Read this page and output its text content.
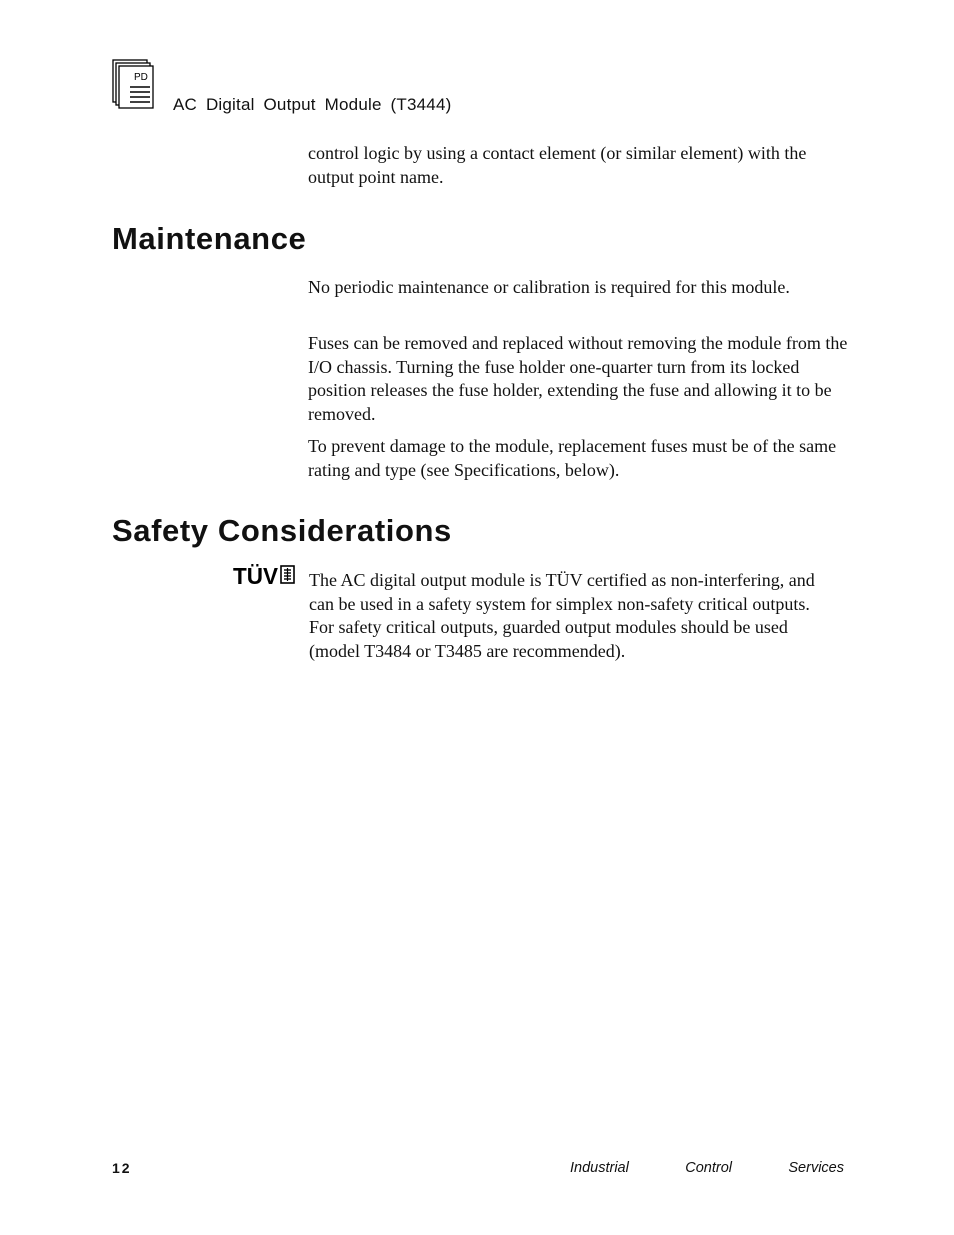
PD
AC Digital Output Module (T3444)

control logic by using a contact element (or similar element) with the output point name.

Maintenance

No periodic maintenance or calibration is required for this module.

Fuses can be removed and replaced without removing the module from the I/O chassis. Turning the fuse holder one-quarter turn from its locked position releases the fuse holder, extending the fuse and allowing it to be removed.

To prevent damage to the module, replacement fuses must be of the same rating and type (see Specifications, below).

Safety Considerations
TÜV The AC digital output module is TÜV certified as non-interfering, and can be used in a safety system for simplex non-safety critical outputs. For safety critical outputs, guarded output modules should be used (model T3484 or T3485 are recommended).

12	Industrial	Control	Services
